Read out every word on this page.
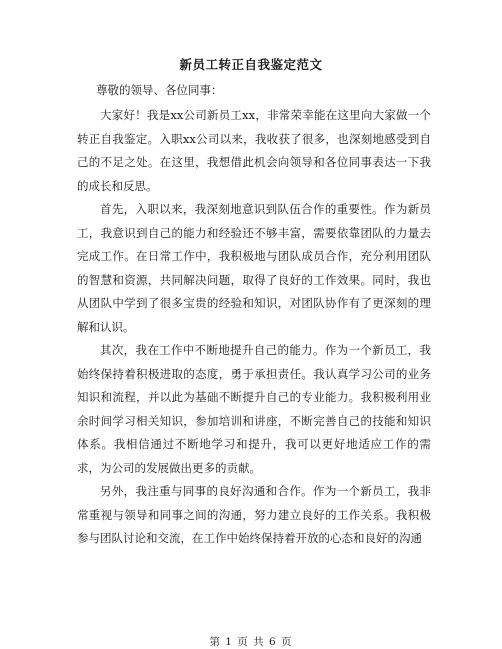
新员工转正自我鉴定范文
尊敬的领导、各位同事：

大家好！我是xx公司新员工xx，非常荣幸能在这里向大家做一个转正自我鉴定。入职xx公司以来，我收获了很多，也深刻地感受到自己的不足之处。在这里，我想借此机会向领导和各位同事表达一下我的成长和反思。

首先，入职以来，我深刻地意识到队伍合作的重要性。作为新员工，我意识到自己的能力和经验还不够丰富，需要依靠团队的力量去完成工作。在日常工作中，我积极地与团队成员合作，充分利用团队的智慧和资源，共同解决问题，取得了良好的工作效果。同时，我也从团队中学到了很多宝贵的经验和知识，对团队协作有了更深刻的理解和认识。

其次，我在工作中不断地提升自己的能力。作为一个新员工，我始终保持着积极进取的态度，勇于承担责任。我认真学习公司的业务知识和流程，并以此为基础不断提升自己的专业能力。我积极利用业余时间学习相关知识，参加培训和讲座，不断完善自己的技能和知识体系。我相信通过不断地学习和提升，我可以更好地适应工作的需求，为公司的发展做出更多的贡献。

另外，我注重与同事的良好沟通和合作。作为一个新员工，我非常重视与领导和同事之间的沟通，努力建立良好的工作关系。我积极参与团队讨论和交流，在工作中始终保持着开放的心态和良好的沟通

第 1 页 共 6 页
